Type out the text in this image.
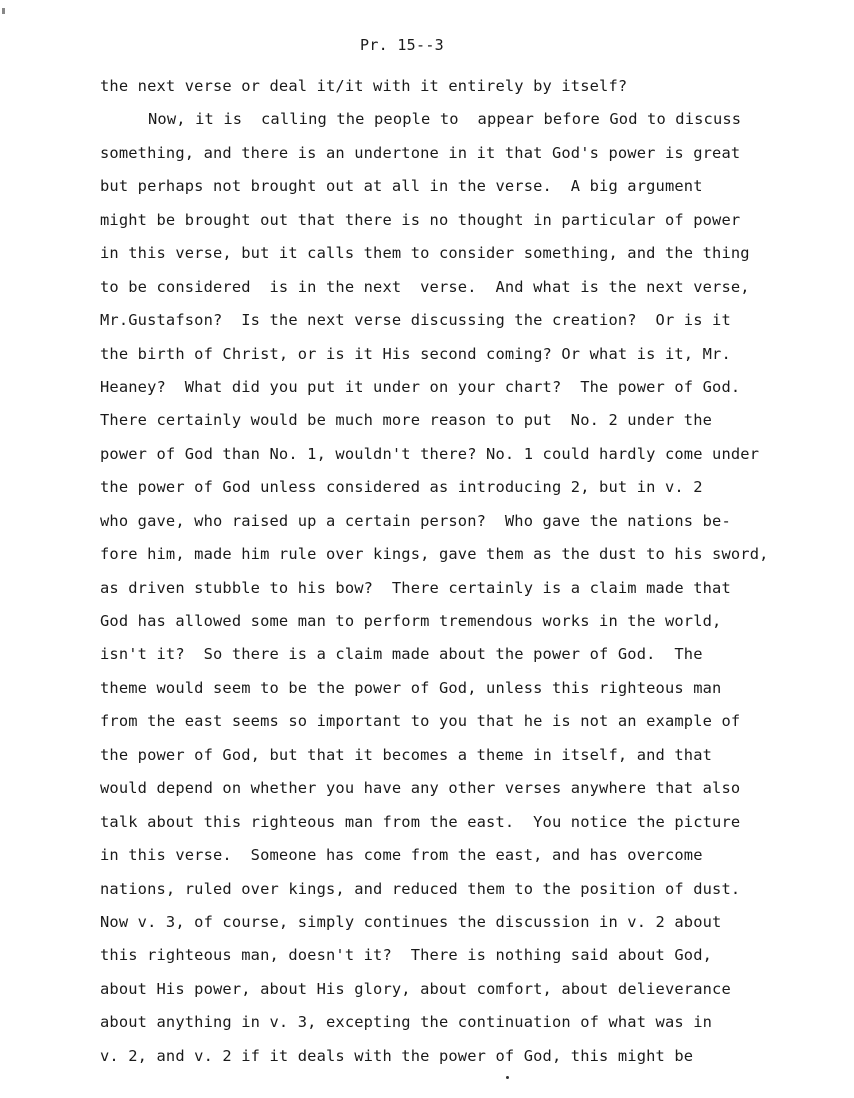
Pr. 15--3
the next verse or deal it/it with it entirely by itself?
Now, it is  calling the people to  appear before God to discuss
something, and there is an undertone in it that God's power is great
but perhaps not brought out at all in the verse.  A big argument
might be brought out that there is no thought in particular of power
in this verse, but it calls them to consider something, and the thing
to be considered  is in the next  verse.  And what is the next verse,
Mr.Gustafson?  Is the next verse discussing the creation?  Or is it
the birth of Christ, or is it His second coming? Or what is it, Mr.
Heaney?  What did you put it under on your chart?  The power of God.
There certainly would be much more reason to put  No. 2 under the
power of God than No. 1, wouldn't there? No. 1 could hardly come under
the power of God unless considered as introducing 2, but in v. 2
who gave, who raised up a certain person?  Who gave the nations be-
fore him, made him rule over kings, gave them as the dust to his sword,
as driven stubble to his bow?  There certainly is a claim made that
God has allowed some man to perform tremendous works in the world,
isn't it?  So there is a claim made about the power of God.  The
theme would seem to be the power of God, unless this righteous man
from the east seems so important to you that he is not an example of
the power of God, but that it becomes a theme in itself, and that
would depend on whether you have any other verses anywhere that also
talk about this righteous man from the east.  You notice the picture
in this verse.  Someone has come from the east, and has overcome
nations, ruled over kings, and reduced them to the position of dust.
Now v. 3, of course, simply continues the discussion in v. 2 about
this righteous man, doesn't it?  There is nothing said about God,
about His power, about His glory, about comfort, about delieverance
about anything in v. 3, excepting the continuation of what was in
v. 2, and v. 2 if it deals with the power of God, this might be
